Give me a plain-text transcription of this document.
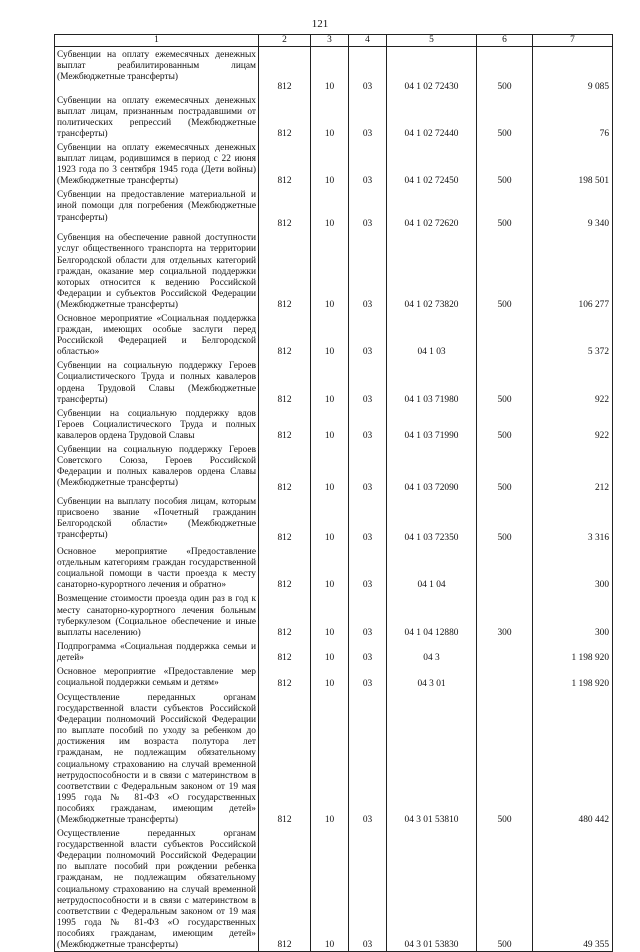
121
1	2	3	4	5	6	7
Субвенции на оплату ежемесячных денежных выплат реабилитированным лицам (Межбюджетные трансферты)	812	10	03	04 1 02 72430	500	9 085
Субвенции на оплату ежемесячных денежных выплат лицам, признанным пострадавшими от политических репрессий (Межбюджетные трансферты)	812	10	03	04 1 02 72440	500	76
Субвенции на оплату ежемесячных денежных выплат лицам, родившимся в период с 22 июня 1923 года по 3 сентября 1945 года (Дети войны) (Межбюджетные трансферты)	812	10	03	04 1 02 72450	500	198 501
Субвенции на предоставление материальной и иной помощи для погребения (Межбюджетные трансферты)	812	10	03	04 1 02 72620	500	9 340
Субвенция на обеспечение равной доступности услуг общественного транспорта на территории Белгородской области для отдельных категорий граждан, оказание мер социальной поддержки которых относится к ведению Российской Федерации и субъектов Российской Федерации (Межбюджетные трансферты)	812	10	03	04 1 02 73820	500	106 277
Основное мероприятие «Социальная поддержка граждан, имеющих особые заслуги перед Российской Федерацией и Белгородской областью»	812	10	03	04 1 03		5 372
Субвенции на социальную поддержку Героев Социалистического Труда и полных кавалеров ордена Трудовой Славы (Межбюджетные трансферты)	812	10	03	04 1 03 71980	500	922
Субвенции на социальную поддержку вдов Героев Социалистического Труда и полных кавалеров ордена Трудовой Славы	812	10	03	04 1 03 71990	500	922
Субвенции на социальную поддержку Героев Советского Союза, Героев Российской Федерации и полных кавалеров ордена Славы (Межбюджетные трансферты)	812	10	03	04 1 03 72090	500	212
Субвенции на выплату пособия лицам, которым присвоено звание «Почетный гражданин Белгородской области» (Межбюджетные трансферты)	812	10	03	04 1 03 72350	500	3 316
Основное мероприятие «Предоставление отдельным категориям граждан государственной социальной помощи в части проезда к месту санаторно-курортного лечения и обратно»	812	10	03	04 1 04		300
Возмещение стоимости проезда один раз в год к месту санаторно-курортного лечения больным туберкулезом (Социальное обеспечение и иные выплаты населению)	812	10	03	04 1 04 12880	300	300
Подпрограмма «Социальная поддержка семьи и детей»	812	10	03	04 3		1 198 920
Основное мероприятие «Предоставление мер социальной поддержки семьям и детям»	812	10	03	04 3 01		1 198 920
Осуществление переданных органам государственной власти субъектов Российской Федерации полномочий Российской Федерации по выплате пособий по уходу за ребенком до достижения им возраста полутора лет гражданам, не подлежащим обязательному социальному страхованию на случай временной нетрудоспособности и в связи с материнством в соответствии с Федеральным законом от 19 мая 1995 года № 81-ФЗ «О государственных пособиях гражданам, имеющим детей» (Межбюджетные трансферты)	812	10	03	04 3 01 53810	500	480 442
Осуществление переданных органам государственной власти субъектов Российской Федерации полномочий Российской Федерации по выплате пособий при рождении ребенка гражданам, не подлежащим обязательному социальному страхованию на случай временной нетрудоспособности и в связи с материнством в соответствии с Федеральным законом от 19 мая 1995 года № 81-ФЗ «О государственных пособиях гражданам, имеющим детей» (Межбюджетные трансферты)	812	10	03	04 3 01 53830	500	49 355
